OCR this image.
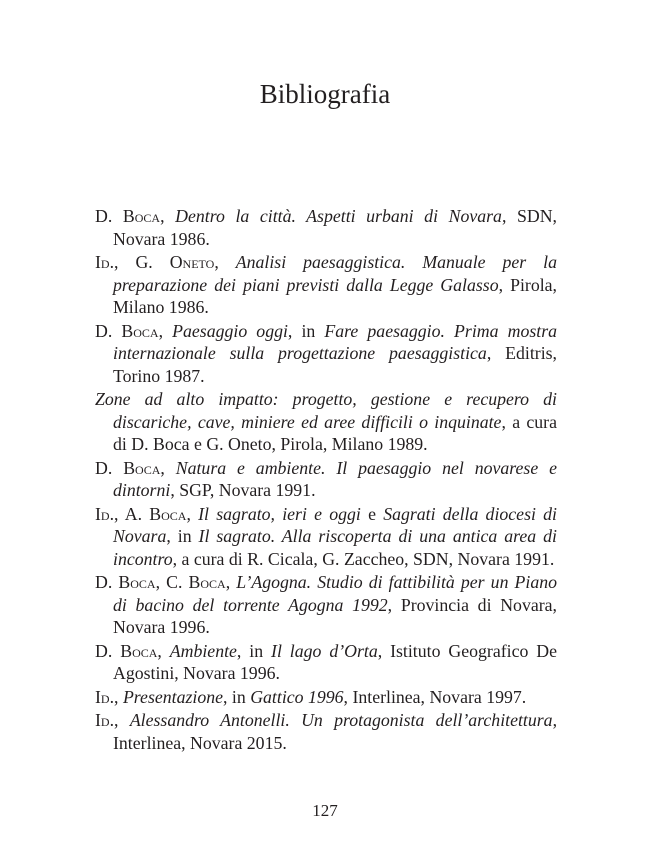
Bibliografia
D. Boca, Dentro la città. Aspetti urbani di Novara, SDN, Novara 1986.
Id., G. Oneto, Analisi paesaggistica. Manuale per la preparazione dei piani previsti dalla Legge Galasso, Pirola, Milano 1986.
D. Boca, Paesaggio oggi, in Fare paesaggio. Prima mostra internazionale sulla progettazione paesaggistica, Editris, Torino 1987.
Zone ad alto impatto: progetto, gestione e recupero di discariche, cave, miniere ed aree difficili o inquinate, a cura di D. Boca e G. Oneto, Pirola, Milano 1989.
D. Boca, Natura e ambiente. Il paesaggio nel novarese e dintorni, SGP, Novara 1991.
Id., A. Boca, Il sagrato, ieri e oggi e Sagrati della diocesi di Novara, in Il sagrato. Alla riscoperta di una antica area di incontro, a cura di R. Cicala, G. Zaccheo, SDN, Novara 1991.
D. Boca, C. Boca, L’Agogna. Studio di fattibilità per un Piano di bacino del torrente Agogna 1992, Provincia di Novara, Novara 1996.
D. Boca, Ambiente, in Il lago d’Orta, Istituto Geografico De Agostini, Novara 1996.
Id., Presentazione, in Gattico 1996, Interlinea, Novara 1997.
Id., Alessandro Antonelli. Un protagonista dell’architettura, Interlinea, Novara 2015.
127
